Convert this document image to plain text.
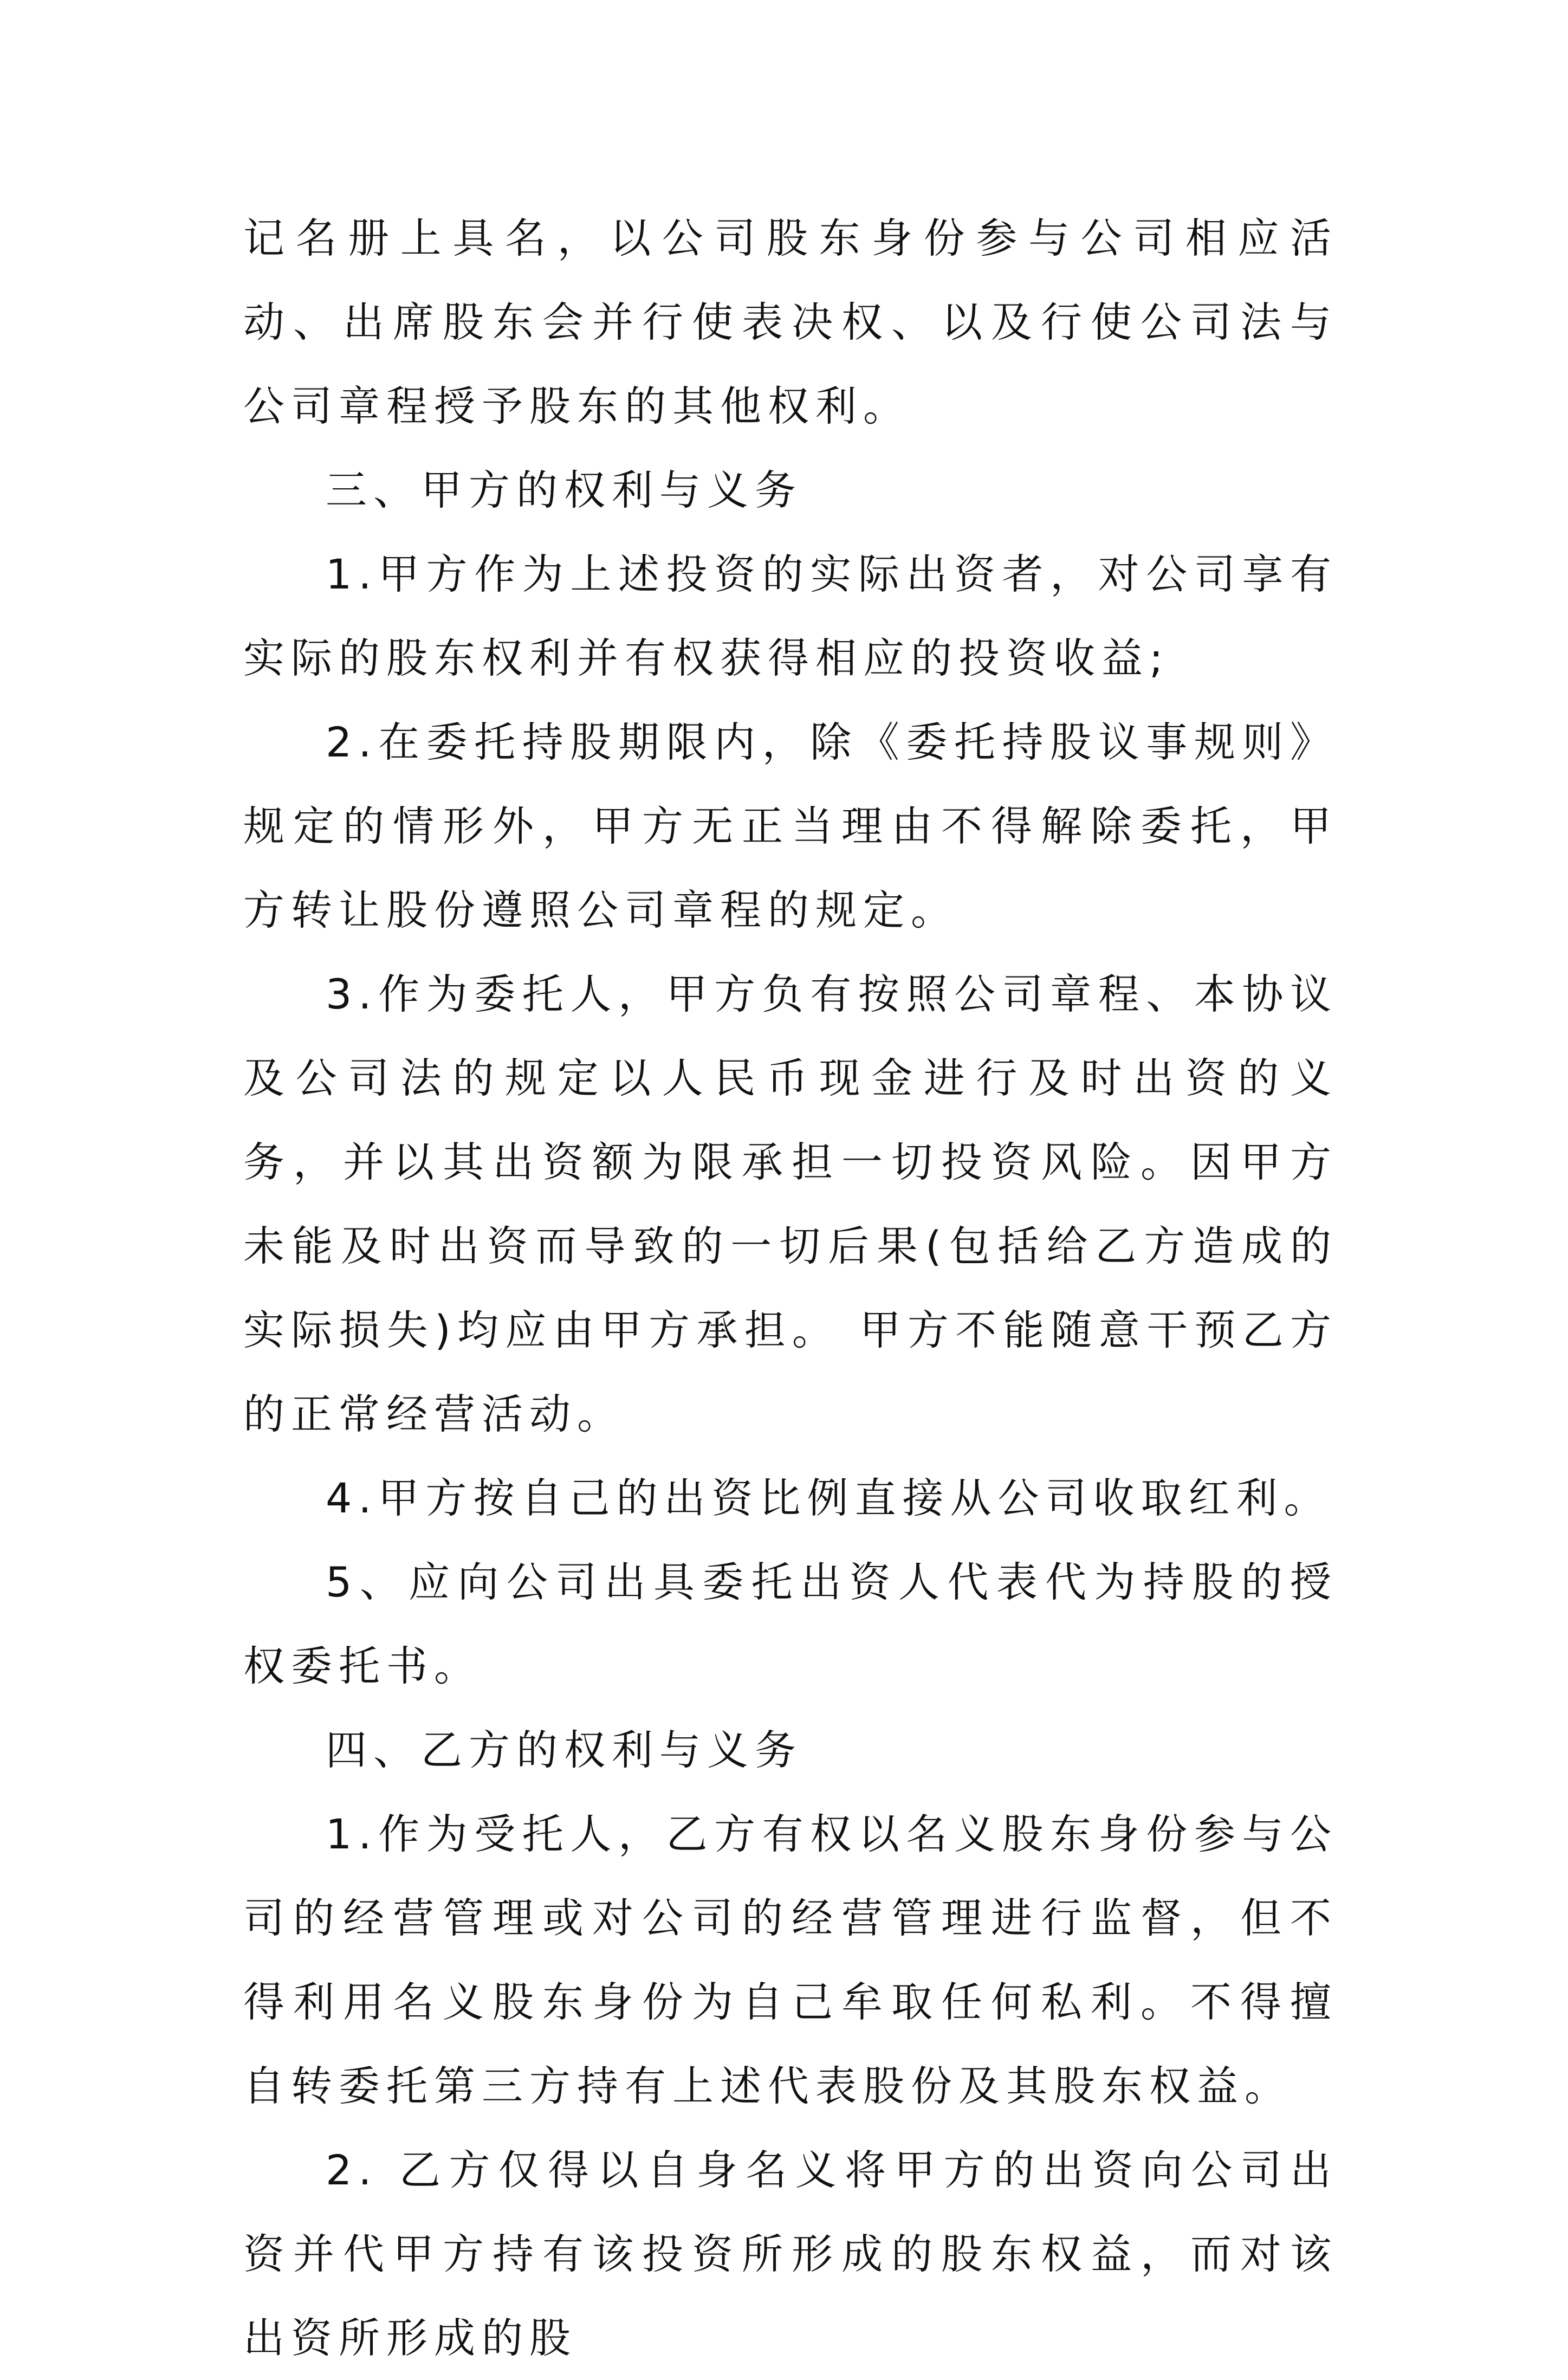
记名册上具名，以公司股东身份参与公司相应活动、出席股东会并行使表决权、以及行使公司法与公司章程授予股东的其他权利。

三、甲方的权利与义务

1.甲方作为上述投资的实际出资者，对公司享有实际的股东权利并有权获得相应的投资收益;

2.在委托持股期限内，除《委托持股议事规则》规定的情形外，甲方无正当理由不得解除委托，甲方转让股份遵照公司章程的规定。

3.作为委托人，甲方负有按照公司章程、本协议及公司法的规定以人民币现金进行及时出资的义务，并以其出资额为限承担一切投资风险。因甲方未能及时出资而导致的一切后果(包括给乙方造成的实际损失)均应由甲方承担。 甲方不能随意干预乙方的正常经营活动。

4.甲方按自己的出资比例直接从公司收取红利。

5、应向公司出具委托出资人代表代为持股的授权委托书。

四、乙方的权利与义务

1.作为受托人，乙方有权以名义股东身份参与公司的经营管理或对公司的经营管理进行监督，但不得利用名义股东身份为自己牟取任何私利。不得擅自转委托第三方持有上述代表股份及其股东权益。

2. 乙方仅得以自身名义将甲方的出资向公司出资并代甲方持有该投资所形成的股东权益，而对该出资所形成的股
